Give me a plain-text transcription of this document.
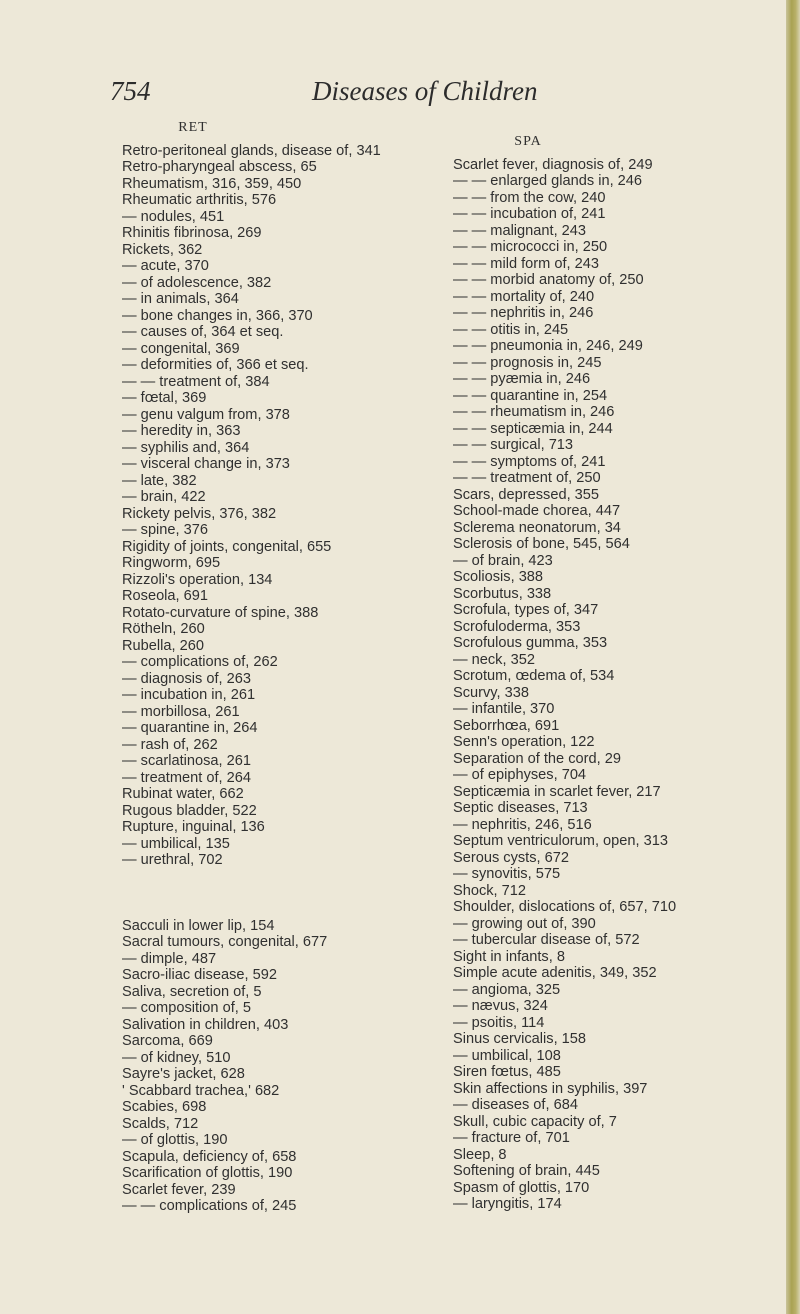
754	Diseases of Children
RET
Retro-peritoneal glands, disease of, 341
Retro-pharyngeal abscess, 65
Rheumatism, 316, 359, 450
Rheumatic arthritis, 576
— nodules, 451
Rhinitis fibrinosa, 269
Rickets, 362
— acute, 370
— of adolescence, 382
— in animals, 364
— bone changes in, 366, 370
— causes of, 364 et seq.
— congenital, 369
— deformities of, 366 et seq.
— — treatment of, 384
— fœtal, 369
— genu valgum from, 378
— heredity in, 363
— syphilis and, 364
— visceral change in, 373
— late, 382
— brain, 422
Rickety pelvis, 376, 382
— spine, 376
Rigidity of joints, congenital, 655
Ringworm, 695
Rizzoli's operation, 134
Roseola, 691
Rotato-curvature of spine, 388
Rötheln, 260
Rubella, 260
— complications of, 262
— diagnosis of, 263
— incubation in, 261
— morbillosa, 261
— quarantine in, 264
— rash of, 262
— scarlatinosa, 261
— treatment of, 264
Rubinat water, 662
Rugous bladder, 522
Rupture, inguinal, 136
— umbilical, 135
— urethral, 702
Sacculi in lower lip, 154
Sacral tumours, congenital, 677
— dimple, 487
Sacro-iliac disease, 592
Saliva, secretion of, 5
— composition of, 5
Salivation in children, 403
Sarcoma, 669
— of kidney, 510
Sayre's jacket, 628
' Scabbard trachea,' 682
Scabies, 698
Scalds, 712
— of glottis, 190
Scapula, deficiency of, 658
Scarification of glottis, 190
Scarlet fever, 239
— — complications of, 245
SPA
Scarlet fever, diagnosis of, 249
— — enlarged glands in, 246
— — from the cow, 240
— — incubation of, 241
— — malignant, 243
— — micrococci in, 250
— — mild form of, 243
— — morbid anatomy of, 250
— — mortality of, 240
— — nephritis in, 246
— — otitis in, 245
— — pneumonia in, 246, 249
— — prognosis in, 245
— — pyæmia in, 246
— — quarantine in, 254
— — rheumatism in, 246
— — septicæmia in, 244
— — surgical, 713
— — symptoms of, 241
— — treatment of, 250
Scars, depressed, 355
School-made chorea, 447
Sclerema neonatorum, 34
Sclerosis of bone, 545, 564
— of brain, 423
Scoliosis, 388
Scorbutus, 338
Scrofula, types of, 347
Scrofuloderma, 353
Scrofulous gumma, 353
— neck, 352
Scrotum, œdema of, 534
Scurvy, 338
— infantile, 370
Seborrhœa, 691
Senn's operation, 122
Separation of the cord, 29
— of epiphyses, 704
Septicæmia in scarlet fever, 217
Septic diseases, 713
— nephritis, 246, 516
Septum ventriculorum, open, 313
Serous cysts, 672
— synovitis, 575
Shock, 712
Shoulder, dislocations of, 657, 710
— growing out of, 390
— tubercular disease of, 572
Sight in infants, 8
Simple acute adenitis, 349, 352
— angioma, 325
— nævus, 324
— psoitis, 114
Sinus cervicalis, 158
— umbilical, 108
Siren fœtus, 485
Skin affections in syphilis, 397
— diseases of, 684
Skull, cubic capacity of, 7
— fracture of, 701
Sleep, 8
Softening of brain, 445
Spasm of glottis, 170
— laryngitis, 174
